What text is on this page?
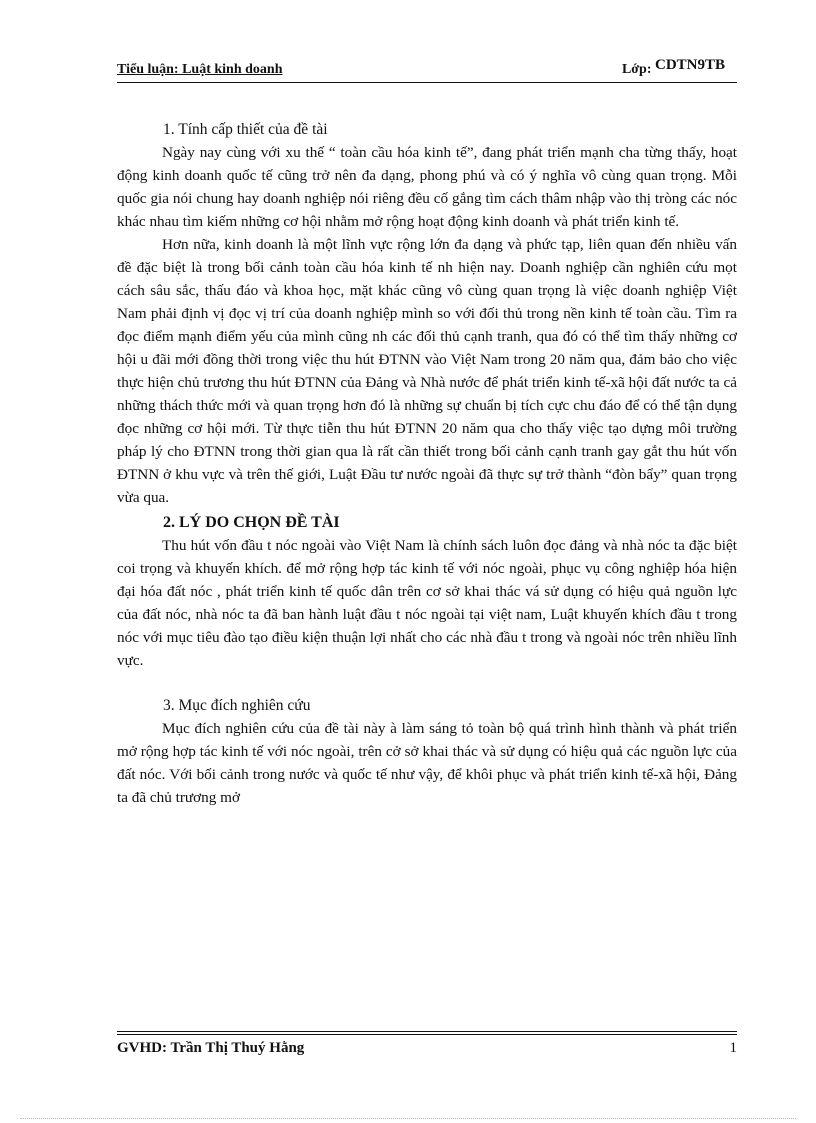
Tiểu luận: Luật kinh doanh	Lớp: CDTN9TB

1. Tính cấp thiết của đề tài

Ngày nay cùng với xu thế “ toàn cầu hóa kinh tế”, đang phát triển mạnh cha từng thấy, hoạt động kinh doanh quốc tế cũng trở nên đa dạng, phong phú và có ý nghĩa vô cùng quan trọng. Mỗi quốc gia nói chung hay doanh nghiệp nói riêng đều cố gắng tìm cách thâm nhập vào thị tròng các nóc khác nhau tìm kiếm những cơ hội nhằm mở rộng hoạt động kinh doanh và phát triển kinh tế.

Hơn nữa, kinh doanh là một lĩnh vực rộng lớn đa dạng và phức tạp, liên quan đến nhiều vấn đề đặc biệt là trong bối cảnh toàn cầu hóa kinh tế nh hiện nay. Doanh nghiệp cần nghiên cứu mọt cách sâu sắc, thấu đáo và khoa học, mặt khác cũng vô cùng quan trọng là việc doanh nghiệp Việt Nam phải định vị đọc vị trí của doanh nghiệp mình so với đối thủ trong nền kinh tế toàn cầu. Tìm ra đọc điểm mạnh điểm yếu của mình cũng nh các đối thủ cạnh tranh, qua đó có thể tìm thấy những cơ hội u đãi mới đồng thời trong việc thu hút ĐTNN vào Việt Nam trong 20 năm qua, đảm bảo cho việc thực hiện chủ trương thu hút ĐTNN của Đảng và Nhà nước để phát triển kinh tế-xã hội đất nước ta cả những thách thức mới và quan trọng hơn đó là những sự chuẩn bị tích cực chu đáo để có thể tận dụng đọc những cơ hội mới. Từ thực tiễn thu hút ĐTNN 20 năm qua cho thấy việc tạo dựng môi trường pháp lý cho ĐTNN trong thời gian qua là rất cần thiết trong bối cảnh cạnh tranh gay gắt thu hút vốn ĐTNN ở khu vực và trên thế giới, Luật Đầu tư nước ngoài đã thực sự trở thành “đòn bẩy” quan trọng vừa qua.

2. LÝ DO CHỌN ĐỀ TÀI

Thu hút vốn đầu t nóc ngoài vào Việt Nam là chính sách luôn đọc đảng và nhà nóc ta đặc biệt coi trọng và khuyến khích. để mở rộng hợp tác kinh tế với nóc ngoài, phục vụ công nghiệp hóa hiện đại hóa đất nóc , phát triển kinh tế quốc dân trên cơ sở khai thác vá sử dụng có hiệu quả nguồn lực của đất nóc, nhà nóc ta đã ban hành luật đầu t nóc ngoài tại việt nam, Luật khuyến khích đầu t trong nóc với mục tiêu đào tạo điều kiện thuận lợi nhất cho các nhà đầu t trong và ngoài nóc trên nhiều lĩnh vực.

3. Mục đích nghiên cứu

Mục đích nghiên cứu của đề tài này à làm sáng tỏ toàn bộ quá trình hình thành và phát triển mở rộng hợp tác kinh tế với nóc ngoài, trên cở sở khai thác và sử dụng có hiệu quả các nguồn lực của đất nóc. Với bối cảnh trong nước và quốc tế như vậy, để khôi phục và phát triển kinh tế-xã hội, Đảng ta đã chủ trương mở

GVHD: Trần Thị Thuý Hằng	1
